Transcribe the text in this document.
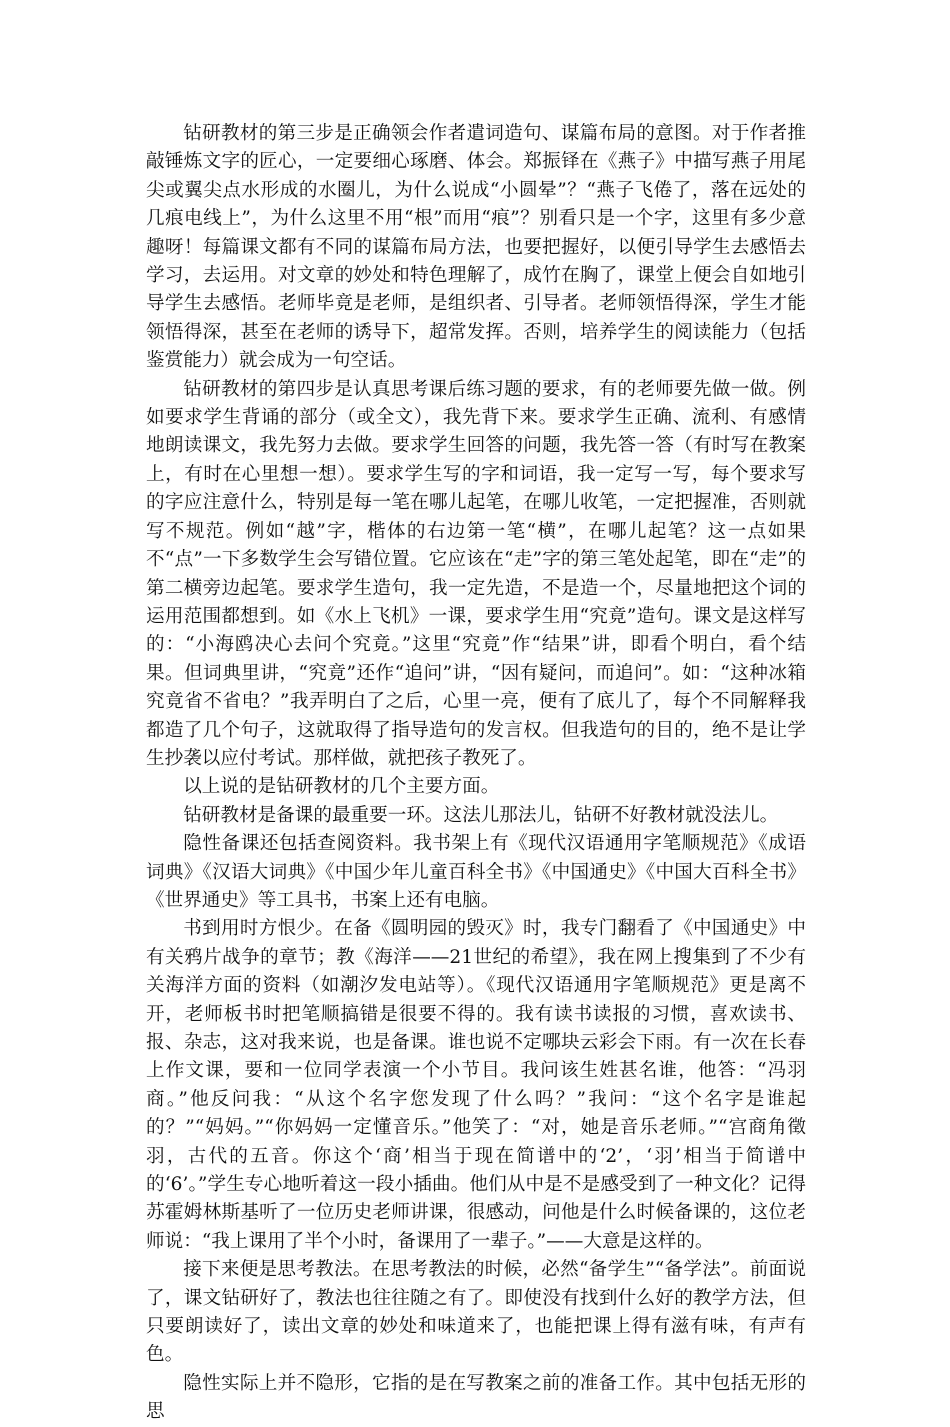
钻研教材的第三步是正确领会作者遣词造句、谋篇布局的意图。对于作者推敲锤炼文字的匠心，一定要细心琢磨、体会。郑振铎在《燕子》中描写燕子用尾尖或翼尖点水形成的水圈儿，为什么说成“小圆晕”？“燕子飞倦了，落在远处的几痕电线上”，为什么这里不用“根”而用“痕”？别看只是一个字，这里有多少意趣呀！每篇课文都有不同的谋篇布局方法，也要把握好，以便引导学生去感悟去学习，去运用。对文章的妙处和特色理解了，成竹在胸了，课堂上便会自如地引导学生去感悟。老师毕竟是老师，是组织者、引导者。老师领悟得深，学生才能领悟得深，甚至在老师的诱导下，超常发挥。否则，培养学生的阅读能力（包括鉴赏能力）就会成为一句空话。

钻研教材的第四步是认真思考课后练习题的要求，有的老师要先做一做。例如要求学生背诵的部分（或全文），我先背下来。要求学生正确、流利、有感情地朗读课文，我先努力去做。要求学生回答的问题，我先答一答（有时写在教案上，有时在心里想一想）。要求学生写的字和词语，我一定写一写，每个要求写的字应注意什么，特别是每一笔在哪儿起笔，在哪儿收笔，一定把握准，否则就写不规范。例如“越”字，楷体的右边第一笔“横”，在哪儿起笔？这一点如果不“点”一下多数学生会写错位置。它应该在“走”字的第三笔处起笔，即在“走”的第二横旁边起笔。要求学生造句，我一定先造，不是造一个，尽量地把这个词的运用范围都想到。如《水上飞机》一课，要求学生用“究竟”造句。课文是这样写的：“小海鸥决心去问个究竟。”这里“究竟”作“结果”讲，即看个明白，看个结果。但词典里讲，“究竟”还作“追问”讲，“因有疑问，而追问”。如：“这种冰箱究竟省不省电？”我弄明白了之后，心里一亮，便有了底儿了，每个不同解释我都造了几个句子，这就取得了指导造句的发言权。但我造句的目的，绝不是让学生抄袭以应付考试。那样做，就把孩子教死了。

以上说的是钻研教材的几个主要方面。

钻研教材是备课的最重要一环。这法儿那法儿，钻研不好教材就没法儿。

隐性备课还包括查阅资料。我书架上有《现代汉语通用字笔顺规范》《成语词典》《汉语大词典》《中国少年儿童百科全书》《中国通史》《中国大百科全书》《世界通史》等工具书，书案上还有电脑。

书到用时方恨少。在备《圆明园的毁灭》时，我专门翻看了《中国通史》中有关鸦片战争的章节；教《海洋——21世纪的希望》，我在网上搜集到了不少有关海洋方面的资料（如潮汐发电站等）。《现代汉语通用字笔顺规范》更是离不开，老师板书时把笔顺搞错是很要不得的。我有读书读报的习惯，喜欢读书、报、杂志，这对我来说，也是备课。谁也说不定哪块云彩会下雨。有一次在长春上作文课，要和一位同学表演一个小节目。我问该生姓甚名谁，他答：“冯羽商。”他反问我：“从这个名字您发现了什么吗？”我问：“这个名字是谁起的？”“妈妈。”“你妈妈一定懂音乐。”他笑了：“对，她是音乐老师。”“宫商角徵羽，古代的五音。你这个‘商’相当于现在简谱中的‘2’，‘羽’相当于简谱中的‘6’。”学生专心地听着这一段小插曲。他们从中是不是感受到了一种文化？记得苏霍姆林斯基听了一位历史老师讲课，很感动，问他是什么时候备课的，这位老师说：“我上课用了半个小时，备课用了一辈子。”——大意是这样的。

接下来便是思考教法。在思考教法的时候，必然“备学生”“备学法”。前面说了，课文钻研好了，教法也往往随之有了。即使没有找到什么好的教学方法，但只要朗读好了，读出文章的妙处和味道来了，也能把课上得有滋有味，有声有色。

隐性实际上并不隐形，它指的是在写教案之前的准备工作。其中包括无形的思
